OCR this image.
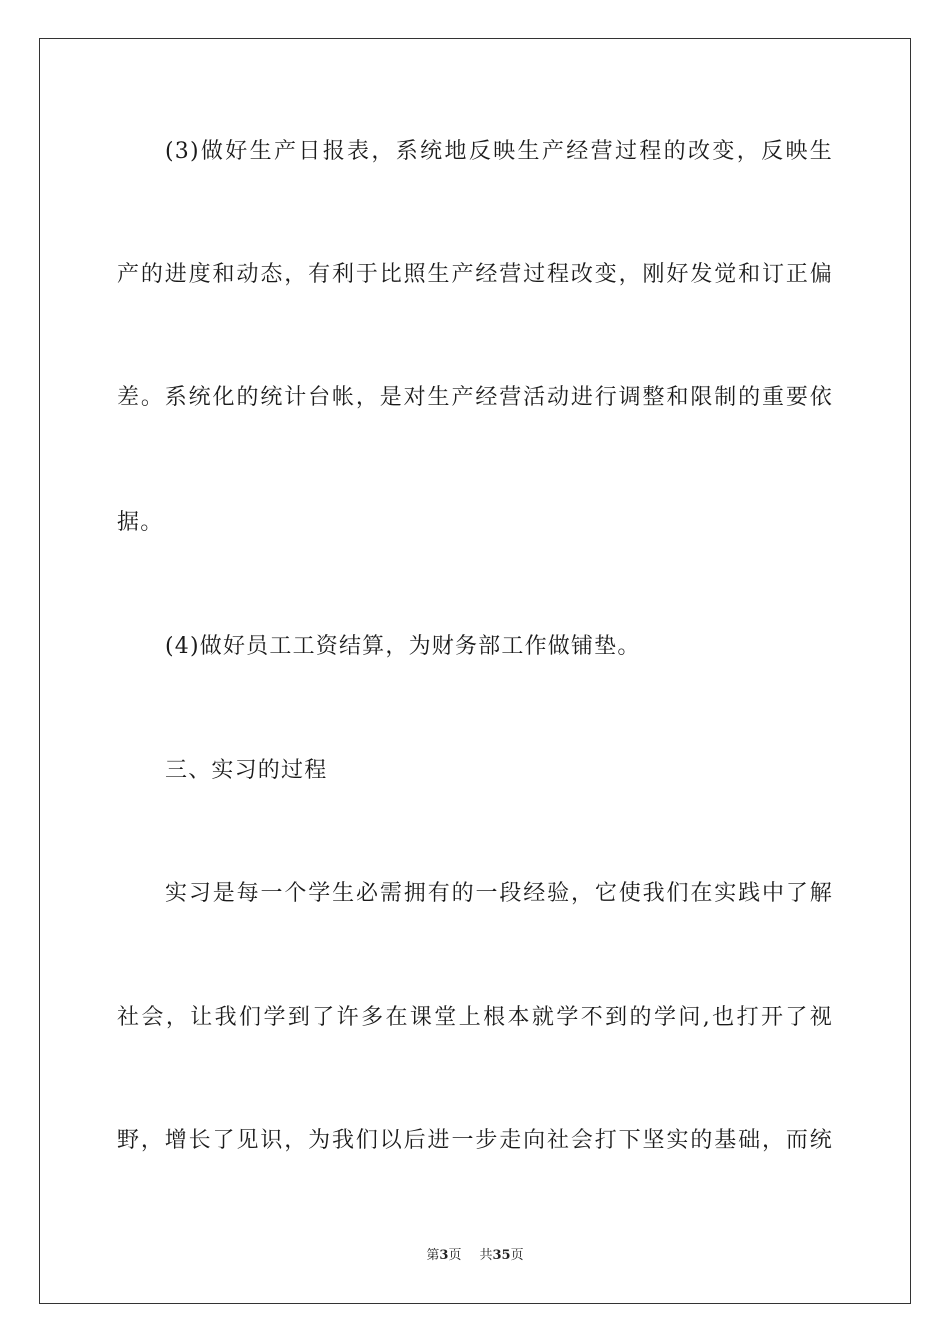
(3)做好生产日报表，系统地反映生产经营过程的改变，反映生
产的进度和动态，有利于比照生产经营过程改变，刚好发觉和订正偏
差。系统化的统计台帐，是对生产经营活动进行调整和限制的重要依
据。
(4)做好员工工资结算，为财务部工作做铺垫。
三、实习的过程
实习是每一个学生必需拥有的一段经验，它使我们在实践中了解
社会，让我们学到了许多在课堂上根本就学不到的学问,也打开了视
野，增长了见识，为我们以后进一步走向社会打下坚实的基础，而统
第3页 共35页
